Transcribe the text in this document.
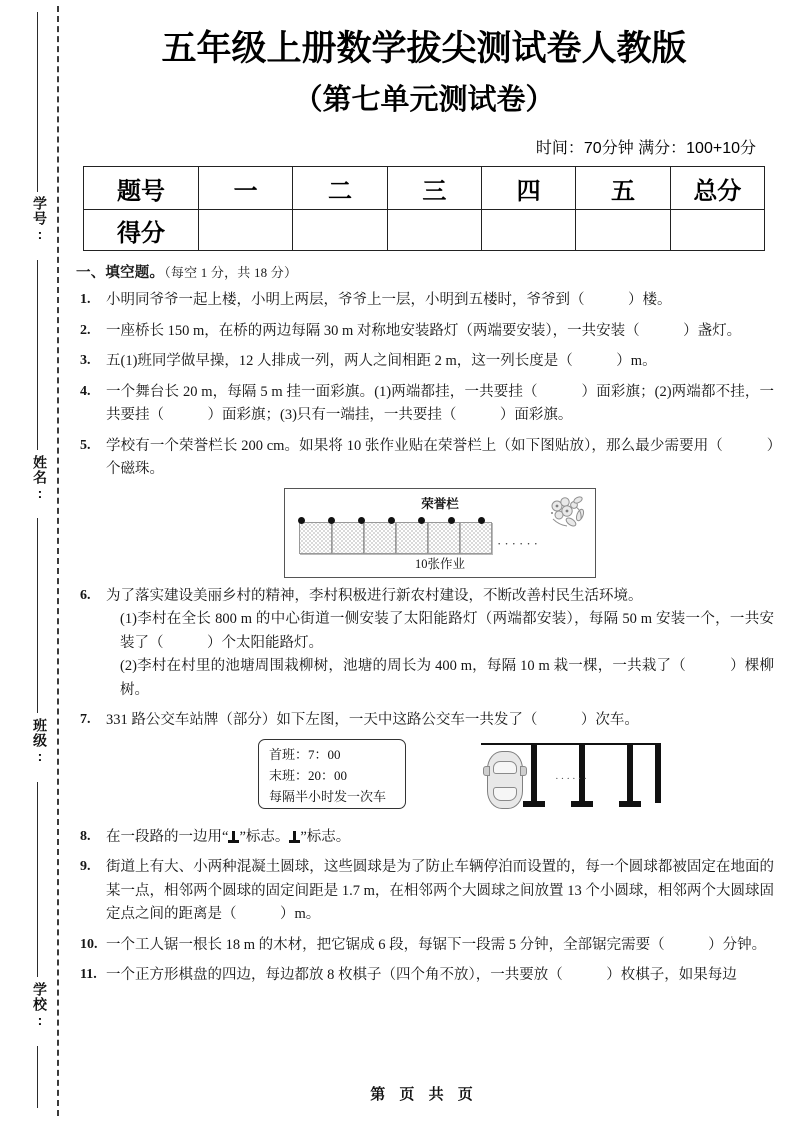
学号:
姓名:
班级:
学校:
五年级上册数学拔尖测试卷人教版
（第七单元测试卷）
时间：70分钟 满分：100+10分
题号	一	二	三	四	五	总分
得分						
一、填空题。（每空 1 分，共 18 分）
1. 小明同爷爷一起上楼，小明上两层，爷爷上一层，小明到五楼时，爷爷到（　　　）楼。
2. 一座桥长 150 m，在桥的两边每隔 30 m 对称地安装路灯（两端要安装），一共安装（　　　）盏灯。
3. 五(1)班同学做早操，12 人排成一列，两人之间相距 2 m，这一列长度是（　　　）m。
4. 一个舞台长 20 m，每隔 5 m 挂一面彩旗。(1)两端都挂，一共要挂（　　　）面彩旗；(2)两端都不挂，一共要挂（　　　）面彩旗；(3)只有一端挂，一共要挂（　　　）面彩旗。
5. 学校有一个荣誉栏长 200 cm。如果将 10 张作业贴在荣誉栏上（如下图贴放），那么最少需要用（　　　）个磁珠。
荣誉栏
······
10张作业
6. 为了落实建设美丽乡村的精神，李村积极进行新农村建设，不断改善村民生活环境。
(1)李村在全长 800 m 的中心街道一侧安装了太阳能路灯（两端都安装），每隔 50 m 安装一个，一共安装了（　　　）个太阳能路灯。
(2)李村在村里的池塘周围栽柳树，池塘的周长为 400 m，每隔 10 m 栽一棵，一共栽了（　　　）棵柳树。
7. 331 路公交车站牌（部分）如下左图，一天中这路公交车一共发了（　　　）次车。
首班：7：00
末班：20：00
每隔半小时发一次车
······
8. 在一段路的一边用“ ”标志。 ”标志。
9. 街道上有大、小两种混凝土圆球，这些圆球是为了防止车辆停泊而设置的，每一个圆球都被固定在地面的某一点，相邻两个圆球的固定间距是 1.7 m，在相邻两个大圆球之间放置 13 个小圆球，相邻两个大圆球固定点之间的距离是（　　　）m。
10. 一个工人锯一根长 18 m 的木材，把它锯成 6 段，每锯下一段需 5 分钟，全部锯完需要（　　　）分钟。
11. 一个正方形棋盘的四边，每边都放 8 枚棋子（四个角不放），一共要放（　　　）枚棋子，如果每边
第 页 共 页
